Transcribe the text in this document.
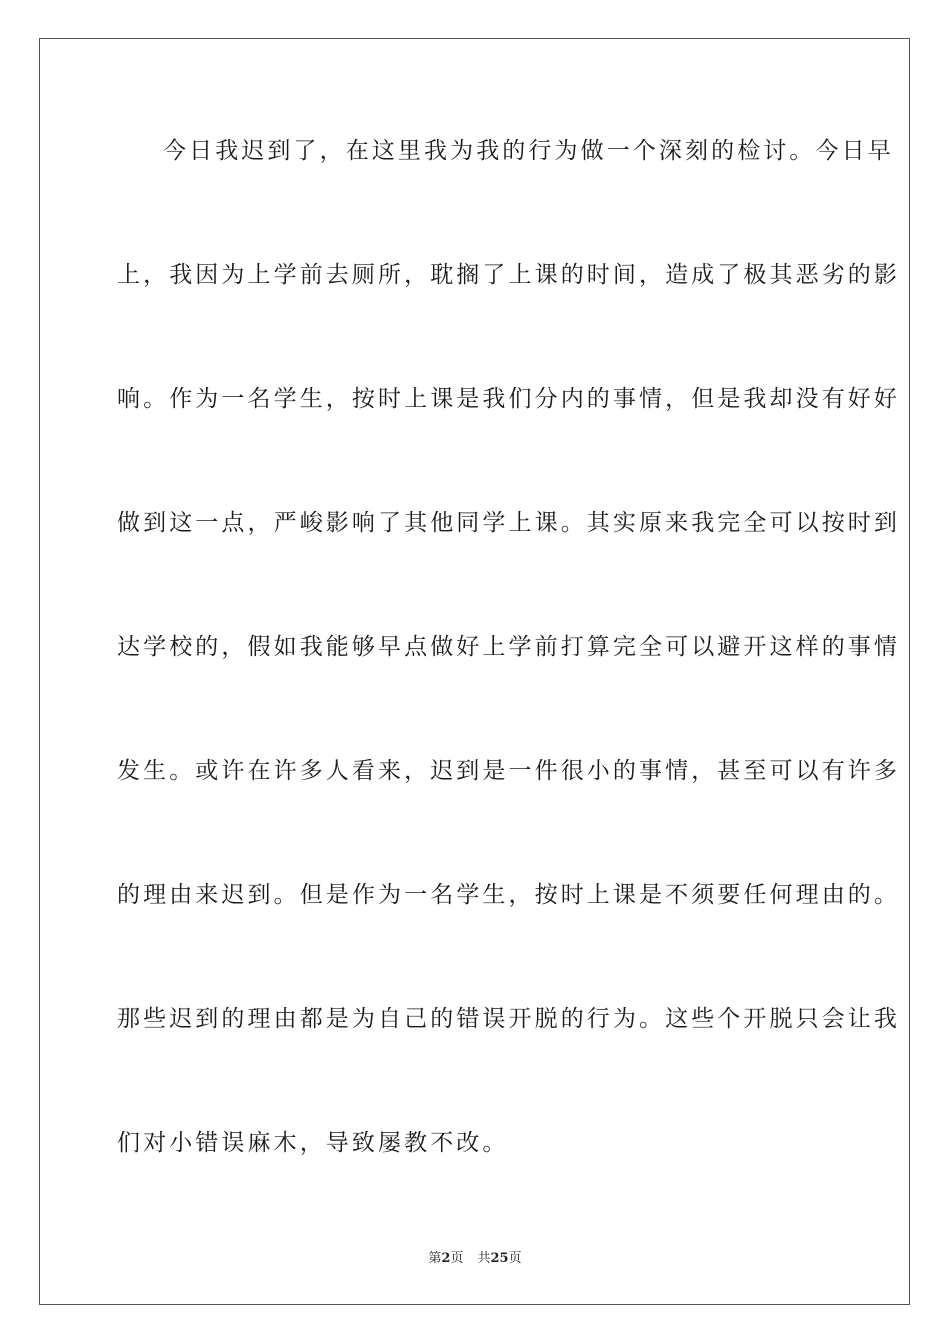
今日我迟到了，在这里我为我的行为做一个深刻的检讨。今日早

上，我因为上学前去厕所，耽搁了上课的时间，造成了极其恶劣的影

响。作为一名学生，按时上课是我们分内的事情，但是我却没有好好

做到这一点，严峻影响了其他同学上课。其实原来我完全可以按时到

达学校的，假如我能够早点做好上学前打算完全可以避开这样的事情

发生。或许在许多人看来，迟到是一件很小的事情，甚至可以有许多

的理由来迟到。但是作为一名学生，按时上课是不须要任何理由的。

那些迟到的理由都是为自己的错误开脱的行为。这些个开脱只会让我

们对小错误麻木，导致屡教不改。

第2页 共25页
